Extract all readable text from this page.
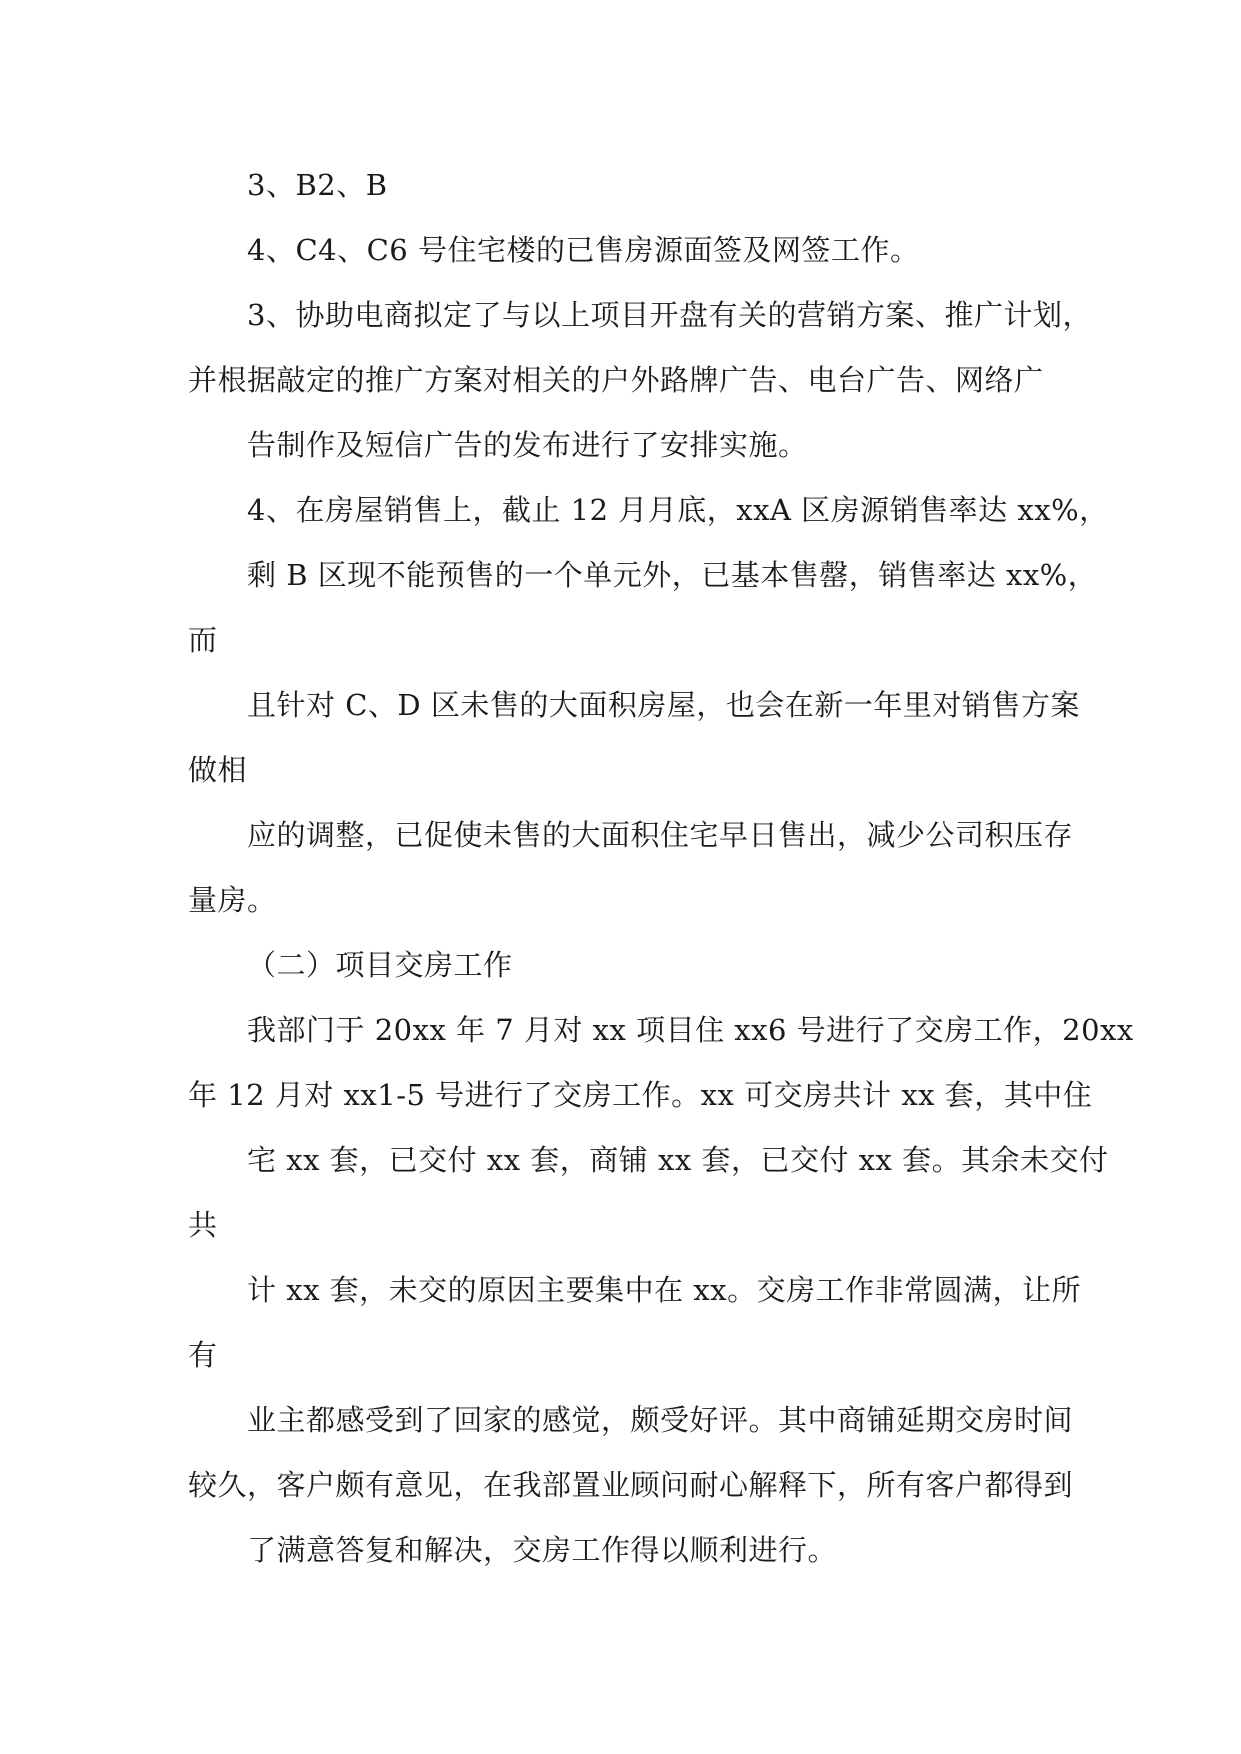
3、B2、B
4、C4、C6 号住宅楼的已售房源面签及网签工作。
3、协助电商拟定了与以上项目开盘有关的营销方案、推广计划，
并根据敲定的推广方案对相关的户外路牌广告、电台广告、网络广
告制作及短信广告的发布进行了安排实施。
4、在房屋销售上，截止 12 月月底，xxA 区房源销售率达 xx%，
剩 B 区现不能预售的一个单元外，已基本售罄，销售率达 xx%，
而
且针对 C、D 区未售的大面积房屋，也会在新一年里对销售方案
做相
应的调整，已促使未售的大面积住宅早日售出，减少公司积压存
量房。
（二）项目交房工作
我部门于 20xx 年 7 月对 xx 项目住 xx6 号进行了交房工作，20xx
年 12 月对 xx1-5 号进行了交房工作。xx 可交房共计 xx 套，其中住
宅 xx 套，已交付 xx 套，商铺 xx 套，已交付 xx 套。其余未交付
共
计 xx 套，未交的原因主要集中在 xx。交房工作非常圆满，让所
有
业主都感受到了回家的感觉，颇受好评。其中商铺延期交房时间
较久，客户颇有意见，在我部置业顾问耐心解释下，所有客户都得到
了满意答复和解决，交房工作得以顺利进行。
